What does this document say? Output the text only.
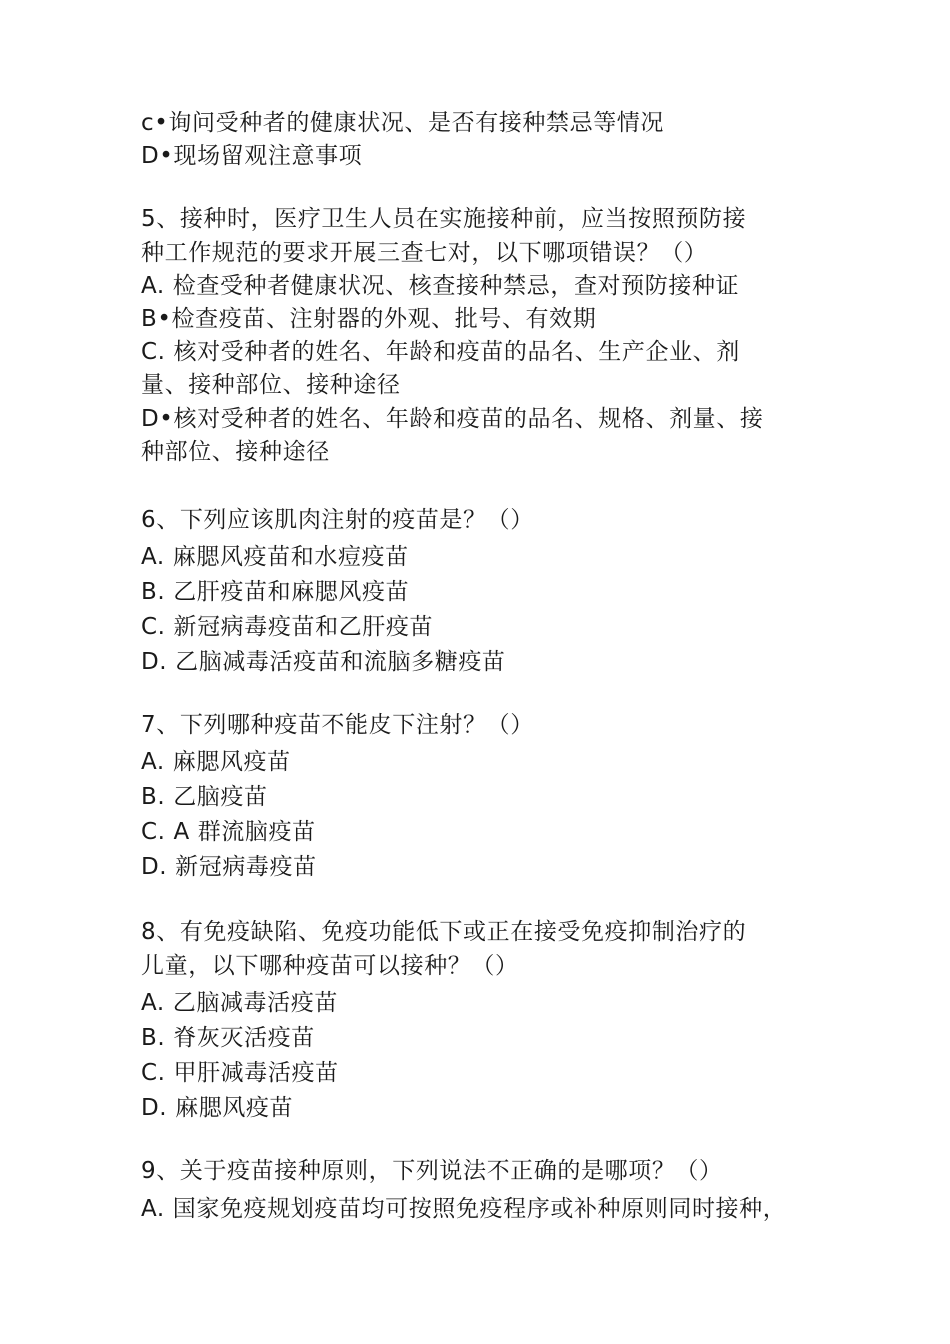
c•询问受种者的健康状况、是否有接种禁忌等情况
D•现场留观注意事项
5、接种时，医疗卫生人员在实施接种前，应当按照预防接
种工作规范的要求开展三查七对，以下哪项错误？（）
A. 检查受种者健康状况、核查接种禁忌，查对预防接种证
B•检查疫苗、注射器的外观、批号、有效期
C. 核对受种者的姓名、年龄和疫苗的品名、生产企业、剂
量、接种部位、接种途径
D•核对受种者的姓名、年龄和疫苗的品名、规格、剂量、接
种部位、接种途径
6、下列应该肌肉注射的疫苗是？（）
A. 麻腮风疫苗和水痘疫苗
B. 乙肝疫苗和麻腮风疫苗
C. 新冠病毒疫苗和乙肝疫苗
D. 乙脑减毒活疫苗和流脑多糖疫苗
7、下列哪种疫苗不能皮下注射？（）
A. 麻腮风疫苗
B. 乙脑疫苗
C. A 群流脑疫苗
D. 新冠病毒疫苗
8、有免疫缺陷、免疫功能低下或正在接受免疫抑制治疗的
儿童，以下哪种疫苗可以接种？（）
A. 乙脑减毒活疫苗
B. 脊灰灭活疫苗
C. 甲肝减毒活疫苗
D. 麻腮风疫苗
9、关于疫苗接种原则，下列说法不正确的是哪项？（）
A. 国家免疫规划疫苗均可按照免疫程序或补种原则同时接种，
